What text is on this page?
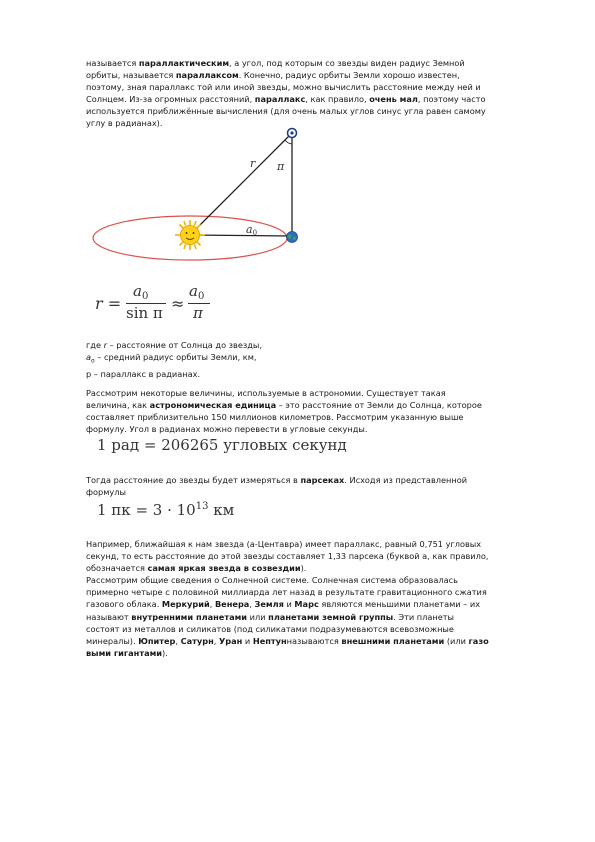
называется параллактическим, а угол, под которым со звезды виден радиус Земной
орбиты, называется параллаксом. Конечно, радиус орбиты Земли хорошо известен,
поэтому, зная параллакс той или иной звезды, можно вычислить расстояние между ней и
Солнцем. Из-за огромных расстояний, параллакс, как правило, очень мал, поэтому часто
используется приближённые вычисления (для очень малых углов синус угла равен самому
углу в радианах).
r π
a0
r =
$a_0$
sin π ≈
$a_0$
π
где r – расстояние от Солнца до звезды,
$a_o$ – средний радиус орбиты Земли, км,
p – параллакс в радианах.
Рассмотрим некоторые величины, используемые в астрономии. Существует такая
величина, как астрономическая единица – это расстояние от Земли до Солнца, которое
составляет приблизительно 150 миллионов километров. Рассмотрим указанную выше
формулу. Угол в радианах можно перевести в угловые секунды.
1 рад = 206265 угловых секунд
Тогда расстояние до звезды будет измеряться в парсеках. Исходя из представленной
формулы
1 пк = $3 \cdot 10^{13}$ км
Например, ближайшая к нам звезда (а-Центавра) имеет параллакс, равный 0,751 угловых
секунд, то есть расстояние до этой звезды составляет 1,33 парсека (буквой а, как правило,
обозначается самая яркая звезда в созвездии).
Рассмотрим общие сведения о Солнечной системе. Солнечная система образовалась
примерно четыре с половиной миллиарда лет назад в результате гравитационного сжатия
газового облака. Меркурий, Венера, Земля и Марс являются меньшими планетами – их
называют внутренними планетами или планетами земной группы. Эти планеты
состоят из металлов и силикатов (под силикатами подразумеваются всевозможные
минералы). Юпитер, Сатурн, Уран и Нептунназываются внешними планетами (или газо
выми гигантами).
